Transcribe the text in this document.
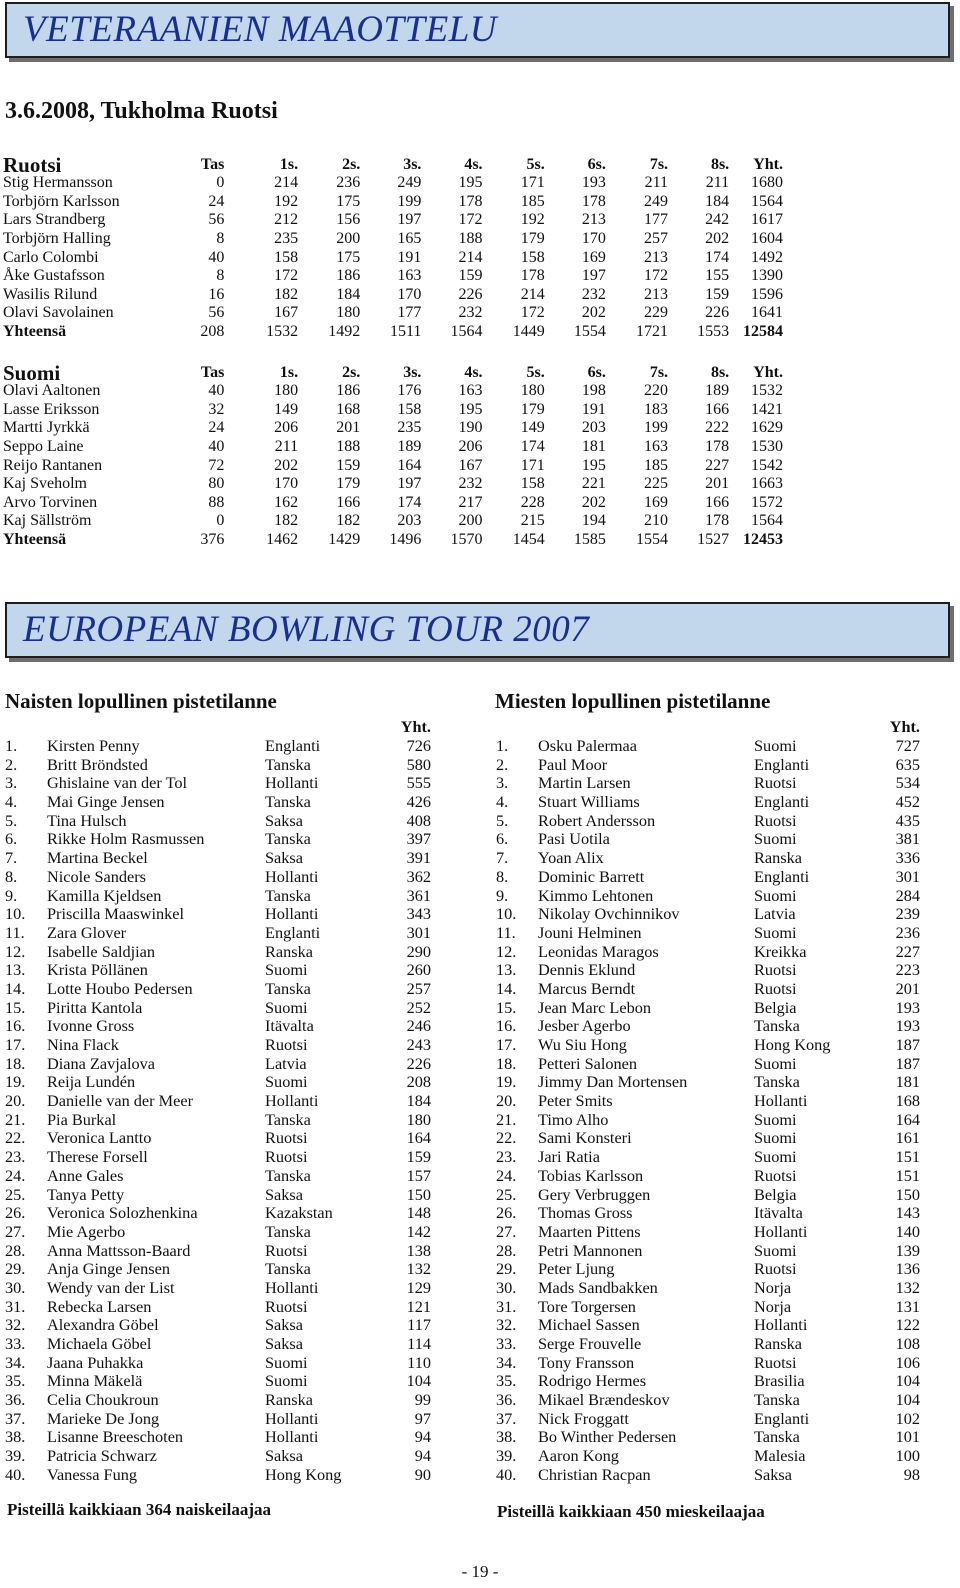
VETERAANIEN MAAOTTELU
3.6.2008, Tukholma Ruotsi
Ruotsi	Tas	1s.	2s.	3s.	4s.	5s.	6s.	7s.	8s.	Yht.
Stig Hermansson	0	214	236	249	195	171	193	211	211	1680
Torbjörn Karlsson	24	192	175	199	178	185	178	249	184	1564
Lars Strandberg	56	212	156	197	172	192	213	177	242	1617
Torbjörn Halling	8	235	200	165	188	179	170	257	202	1604
Carlo Colombi	40	158	175	191	214	158	169	213	174	1492
Åke Gustafsson	8	172	186	163	159	178	197	172	155	1390
Wasilis Rilund	16	182	184	170	226	214	232	213	159	1596
Olavi Savolainen	56	167	180	177	232	172	202	229	226	1641
Yhteensä	208	1532	1492	1511	1564	1449	1554	1721	1553	12584
Suomi	Tas	1s.	2s.	3s.	4s.	5s.	6s.	7s.	8s.	Yht.
Olavi Aaltonen	40	180	186	176	163	180	198	220	189	1532
Lasse Eriksson	32	149	168	158	195	179	191	183	166	1421
Martti Jyrkkä	24	206	201	235	190	149	203	199	222	1629
Seppo Laine	40	211	188	189	206	174	181	163	178	1530
Reijo Rantanen	72	202	159	164	167	171	195	185	227	1542
Kaj Sveholm	80	170	179	197	232	158	221	225	201	1663
Arvo Torvinen	88	162	166	174	217	228	202	169	166	1572
Kaj Sällström	0	182	182	203	200	215	194	210	178	1564
Yhteensä	376	1462	1429	1496	1570	1454	1585	1554	1527	12453
EUROPEAN BOWLING TOUR 2007
Naisten lopullinen pistetilanne
			Yht.
1.	Kirsten Penny	Englanti	726
2.	Britt Bröndsted	Tanska	580
3.	Ghislaine van der Tol	Hollanti	555
4.	Mai Ginge Jensen	Tanska	426
5.	Tina Hulsch	Saksa	408
6.	Rikke Holm Rasmussen	Tanska	397
7.	Martina Beckel	Saksa	391
8.	Nicole Sanders	Hollanti	362
9.	Kamilla Kjeldsen	Tanska	361
10.	Priscilla Maaswinkel	Hollanti	343
11.	Zara Glover	Englanti	301
12.	Isabelle Saldjian	Ranska	290
13.	Krista Pöllänen	Suomi	260
14.	Lotte Houbo Pedersen	Tanska	257
15.	Piritta Kantola	Suomi	252
16.	Ivonne Gross	Itävalta	246
17.	Nina Flack	Ruotsi	243
18.	Diana Zavjalova	Latvia	226
19.	Reija Lundén	Suomi	208
20.	Danielle van der Meer	Hollanti	184
21.	Pia Burkal	Tanska	180
22.	Veronica Lantto	Ruotsi	164
23.	Therese Forsell	Ruotsi	159
24.	Anne Gales	Tanska	157
25.	Tanya Petty	Saksa	150
26.	Veronica Solozhenkina	Kazakstan	148
27.	Mie Agerbo	Tanska	142
28.	Anna Mattsson-Baard	Ruotsi	138
29.	Anja Ginge Jensen	Tanska	132
30.	Wendy van der List	Hollanti	129
31.	Rebecka Larsen	Ruotsi	121
32.	Alexandra Göbel	Saksa	117
33.	Michaela Göbel	Saksa	114
34.	Jaana Puhakka	Suomi	110
35.	Minna Mäkelä	Suomi	104
36.	Celia Choukroun	Ranska	99
37.	Marieke De Jong	Hollanti	97
38.	Lisanne Breeschoten	Hollanti	94
39.	Patricia Schwarz	Saksa	94
40.	Vanessa Fung	Hong Kong	90
Pisteillä kaikkiaan 364 naiskeilaajaa
Miesten lopullinen pistetilanne
			Yht.
1.	Osku Palermaa	Suomi	727
2.	Paul Moor	Englanti	635
3.	Martin Larsen	Ruotsi	534
4.	Stuart Williams	Englanti	452
5.	Robert Andersson	Ruotsi	435
6.	Pasi Uotila	Suomi	381
7.	Yoan Alix	Ranska	336
8.	Dominic Barrett	Englanti	301
9.	Kimmo Lehtonen	Suomi	284
10.	Nikolay Ovchinnikov	Latvia	239
11.	Jouni Helminen	Suomi	236
12.	Leonidas Maragos	Kreikka	227
13.	Dennis Eklund	Ruotsi	223
14.	Marcus Berndt	Ruotsi	201
15.	Jean Marc Lebon	Belgia	193
16.	Jesber Agerbo	Tanska	193
17.	Wu Siu Hong	Hong Kong	187
18.	Petteri Salonen	Suomi	187
19.	Jimmy Dan Mortensen	Tanska	181
20.	Peter Smits	Hollanti	168
21.	Timo Alho	Suomi	164
22.	Sami Konsteri	Suomi	161
23.	Jari Ratia	Suomi	151
24.	Tobias Karlsson	Ruotsi	151
25.	Gery Verbruggen	Belgia	150
26.	Thomas Gross	Itävalta	143
27.	Maarten Pittens	Hollanti	140
28.	Petri Mannonen	Suomi	139
29.	Peter Ljung	Ruotsi	136
30.	Mads Sandbakken	Norja	132
31.	Tore Torgersen	Norja	131
32.	Michael Sassen	Hollanti	122
33.	Serge Frouvelle	Ranska	108
34.	Tony Fransson	Ruotsi	106
35.	Rodrigo Hermes	Brasilia	104
36.	Mikael Brændeskov	Tanska	104
37.	Nick Froggatt	Englanti	102
38.	Bo Winther Pedersen	Tanska	101
39.	Aaron Kong	Malesia	100
40.	Christian Racpan	Saksa	98
Pisteillä kaikkiaan 450 mieskeilaajaa
- 19 -
